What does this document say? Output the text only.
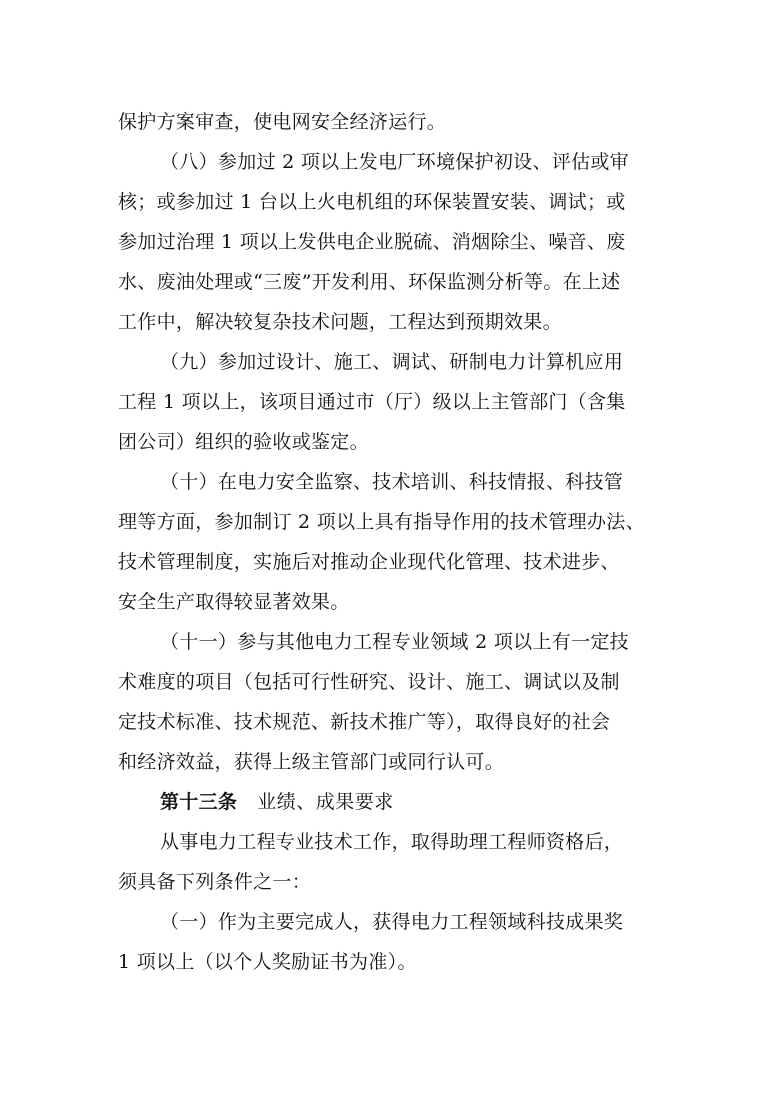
保护方案审查，使电网安全经济运行。
（八）参加过 2 项以上发电厂环境保护初设、评估或审
核；或参加过 1 台以上火电机组的环保装置安装、调试；或
参加过治理 1 项以上发供电企业脱硫、消烟除尘、噪音、废
水、废油处理或“三废”开发利用、环保监测分析等。在上述
工作中，解决较复杂技术问题，工程达到预期效果。
（九）参加过设计、施工、调试、研制电力计算机应用
工程 1 项以上，该项目通过市（厅）级以上主管部门（含集
团公司）组织的验收或鉴定。
（十）在电力安全监察、技术培训、科技情报、科技管
理等方面，参加制订 2 项以上具有指导作用的技术管理办法、
技术管理制度，实施后对推动企业现代化管理、技术进步、
安全生产取得较显著效果。
（十一）参与其他电力工程专业领域 2 项以上有一定技
术难度的项目（包括可行性研究、设计、施工、调试以及制
定技术标准、技术规范、新技术推广等），取得良好的社会
和经济效益，获得上级主管部门或同行认可。
第十三条 业绩、成果要求
从事电力工程专业技术工作，取得助理工程师资格后，
须具备下列条件之一：
（一）作为主要完成人，获得电力工程领域科技成果奖
1 项以上（以个人奖励证书为准）。
